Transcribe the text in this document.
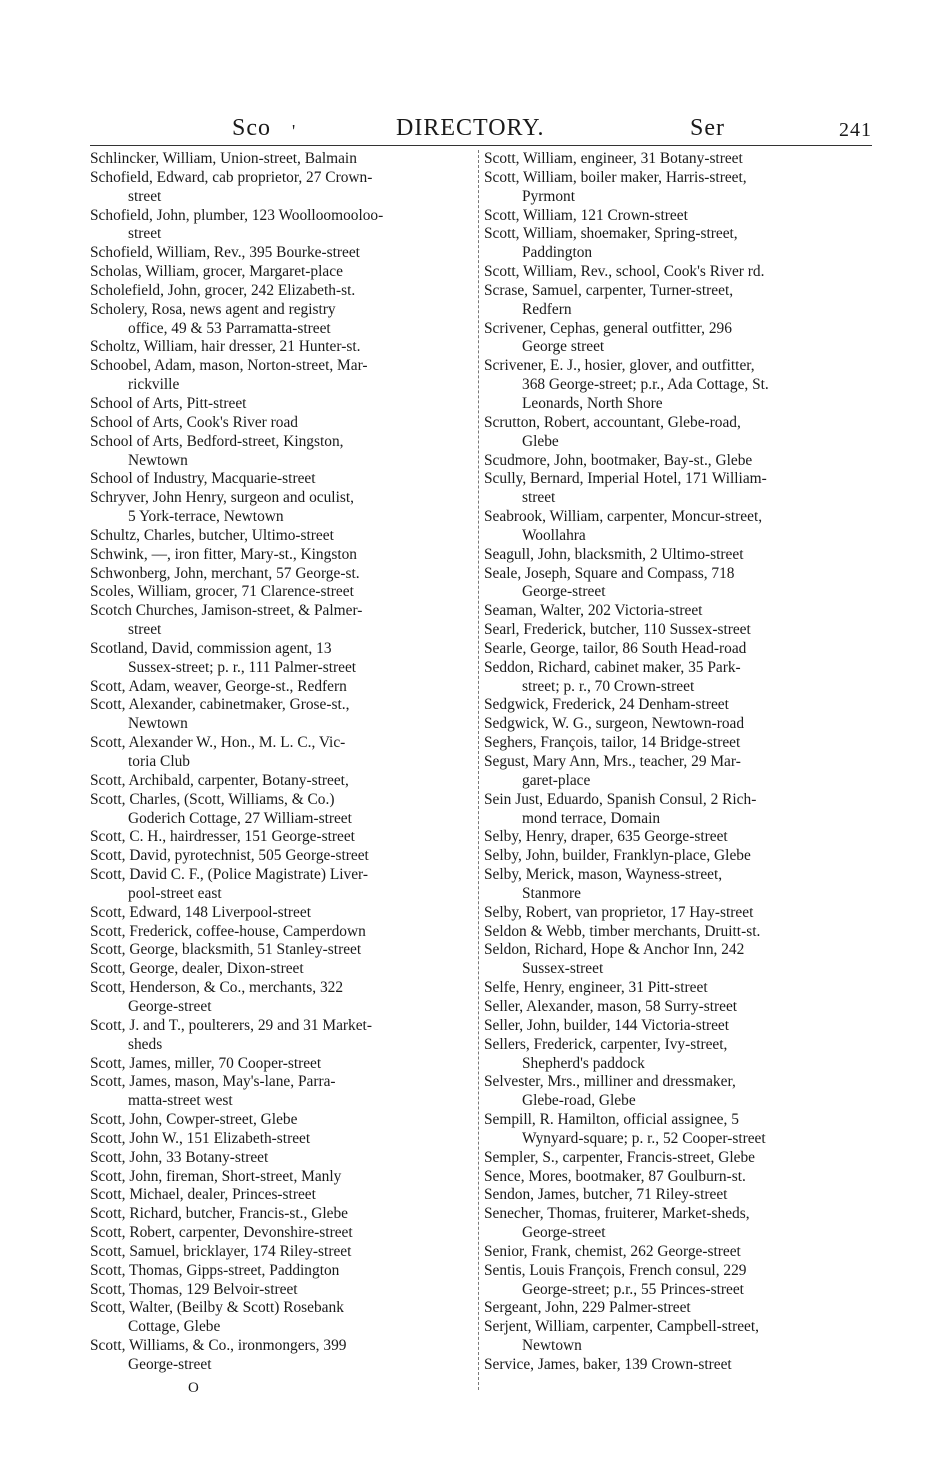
Sco '	DIRECTORY.	Ser	241

Schlincker, William, Union-street, Balmain

Schofield, Edward, cab proprietor, 27 Crown-
street

Schofield, John, plumber, 123 Woolloomooloo-
street

Schofield, William, Rev., 395 Bourke-street

Scholas, William, grocer, Margaret-place

Scholefield, John, grocer, 242 Elizabeth-st.

Scholery, Rosa, news agent and registry
office, 49 & 53 Parramatta-street

Scholtz, William, hair dresser, 21 Hunter-st.

Schoobel, Adam, mason, Norton-street, Mar-
rickville

School of Arts, Pitt-street

School of Arts, Cook's River road

School of Arts, Bedford-street, Kingston,
Newtown

School of Industry, Macquarie-street

Schryver, John Henry, surgeon and oculist,
5 York-terrace, Newtown

Schultz, Charles, butcher, Ultimo-street

Schwink, —, iron fitter, Mary-st., Kingston

Schwonberg, John, merchant, 57 George-st.

Scoles, William, grocer, 71 Clarence-street

Scotch Churches, Jamison-street, & Palmer-
street

Scotland, David, commission agent, 13
Sussex-street; p. r., 111 Palmer-street

Scott, Adam, weaver, George-st., Redfern

Scott, Alexander, cabinetmaker, Grose-st.,
Newtown

Scott, Alexander W., Hon., M. L. C., Vic-
toria Club

Scott, Archibald, carpenter, Botany-street,

Scott, Charles, (Scott, Williams, & Co.)
Goderich Cottage, 27 William-street

Scott, C. H., hairdresser, 151 George-street

Scott, David, pyrotechnist, 505 George-street

Scott, David C. F., (Police Magistrate) Liver-
pool-street east

Scott, Edward, 148 Liverpool-street

Scott, Frederick, coffee-house, Camperdown

Scott, George, blacksmith, 51 Stanley-street

Scott, George, dealer, Dixon-street

Scott, Henderson, & Co., merchants, 322
George-street

Scott, J. and T., poulterers, 29 and 31 Market-
sheds

Scott, James, miller, 70 Cooper-street

Scott, James, mason, May's-lane, Parra-
matta-street west

Scott, John, Cowper-street, Glebe

Scott, John W., 151 Elizabeth-street

Scott, John, 33 Botany-street

Scott, John, fireman, Short-street, Manly

Scott, Michael, dealer, Princes-street

Scott, Richard, butcher, Francis-st., Glebe

Scott, Robert, carpenter, Devonshire-street

Scott, Samuel, bricklayer, 174 Riley-street

Scott, Thomas, Gipps-street, Paddington

Scott, Thomas, 129 Belvoir-street

Scott, Walter, (Beilby & Scott) Rosebank
Cottage, Glebe

Scott, Williams, & Co., ironmongers, 399
George-street

Scott, William, engineer, 31 Botany-street

Scott, William, boiler maker, Harris-street,
Pyrmont

Scott, William, 121 Crown-street

Scott, William, shoemaker, Spring-street,
Paddington

Scott, William, Rev., school, Cook's River rd.

Scrase, Samuel, carpenter, Turner-street,
Redfern

Scrivener, Cephas, general outfitter, 296
George street

Scrivener, E. J., hosier, glover, and outfitter,
368 George-street; p.r., Ada Cottage, St.
Leonards, North Shore

Scrutton, Robert, accountant, Glebe-road,
Glebe

Scudmore, John, bootmaker, Bay-st., Glebe

Scully, Bernard, Imperial Hotel, 171 William-
street

Seabrook, William, carpenter, Moncur-street,
Woollahra

Seagull, John, blacksmith, 2 Ultimo-street

Seale, Joseph, Square and Compass, 718
George-street

Seaman, Walter, 202 Victoria-street

Searl, Frederick, butcher, 110 Sussex-street

Searle, George, tailor, 86 South Head-road

Seddon, Richard, cabinet maker, 35 Park-
street; p. r., 70 Crown-street

Sedgwick, Frederick, 24 Denham-street

Sedgwick, W. G., surgeon, Newtown-road

Seghers, François, tailor, 14 Bridge-street

Segust, Mary Ann, Mrs., teacher, 29 Mar-
garet-place

Sein Just, Eduardo, Spanish Consul, 2 Rich-
mond terrace, Domain

Selby, Henry, draper, 635 George-street

Selby, John, builder, Franklyn-place, Glebe

Selby, Merick, mason, Wayness-street,
Stanmore

Selby, Robert, van proprietor, 17 Hay-street

Seldon & Webb, timber merchants, Druitt-st.

Seldon, Richard, Hope & Anchor Inn, 242
Sussex-street

Selfe, Henry, engineer, 31 Pitt-street

Seller, Alexander, mason, 58 Surry-street

Seller, John, builder, 144 Victoria-street

Sellers, Frederick, carpenter, Ivy-street,
Shepherd's paddock

Selvester, Mrs., milliner and dressmaker,
Glebe-road, Glebe

Sempill, R. Hamilton, official assignee, 5
Wynyard-square; p. r., 52 Cooper-street

Sempler, S., carpenter, Francis-street, Glebe

Sence, Mores, bootmaker, 87 Goulburn-st.

Sendon, James, butcher, 71 Riley-street

Senecher, Thomas, fruiterer, Market-sheds,
George-street

Senior, Frank, chemist, 262 George-street

Sentis, Louis François, French consul, 229
George-street; p.r., 55 Princes-street

Sergeant, John, 229 Palmer-street

Serjent, William, carpenter, Campbell-street,
Newtown

Service, James, baker, 139 Crown-street

O
